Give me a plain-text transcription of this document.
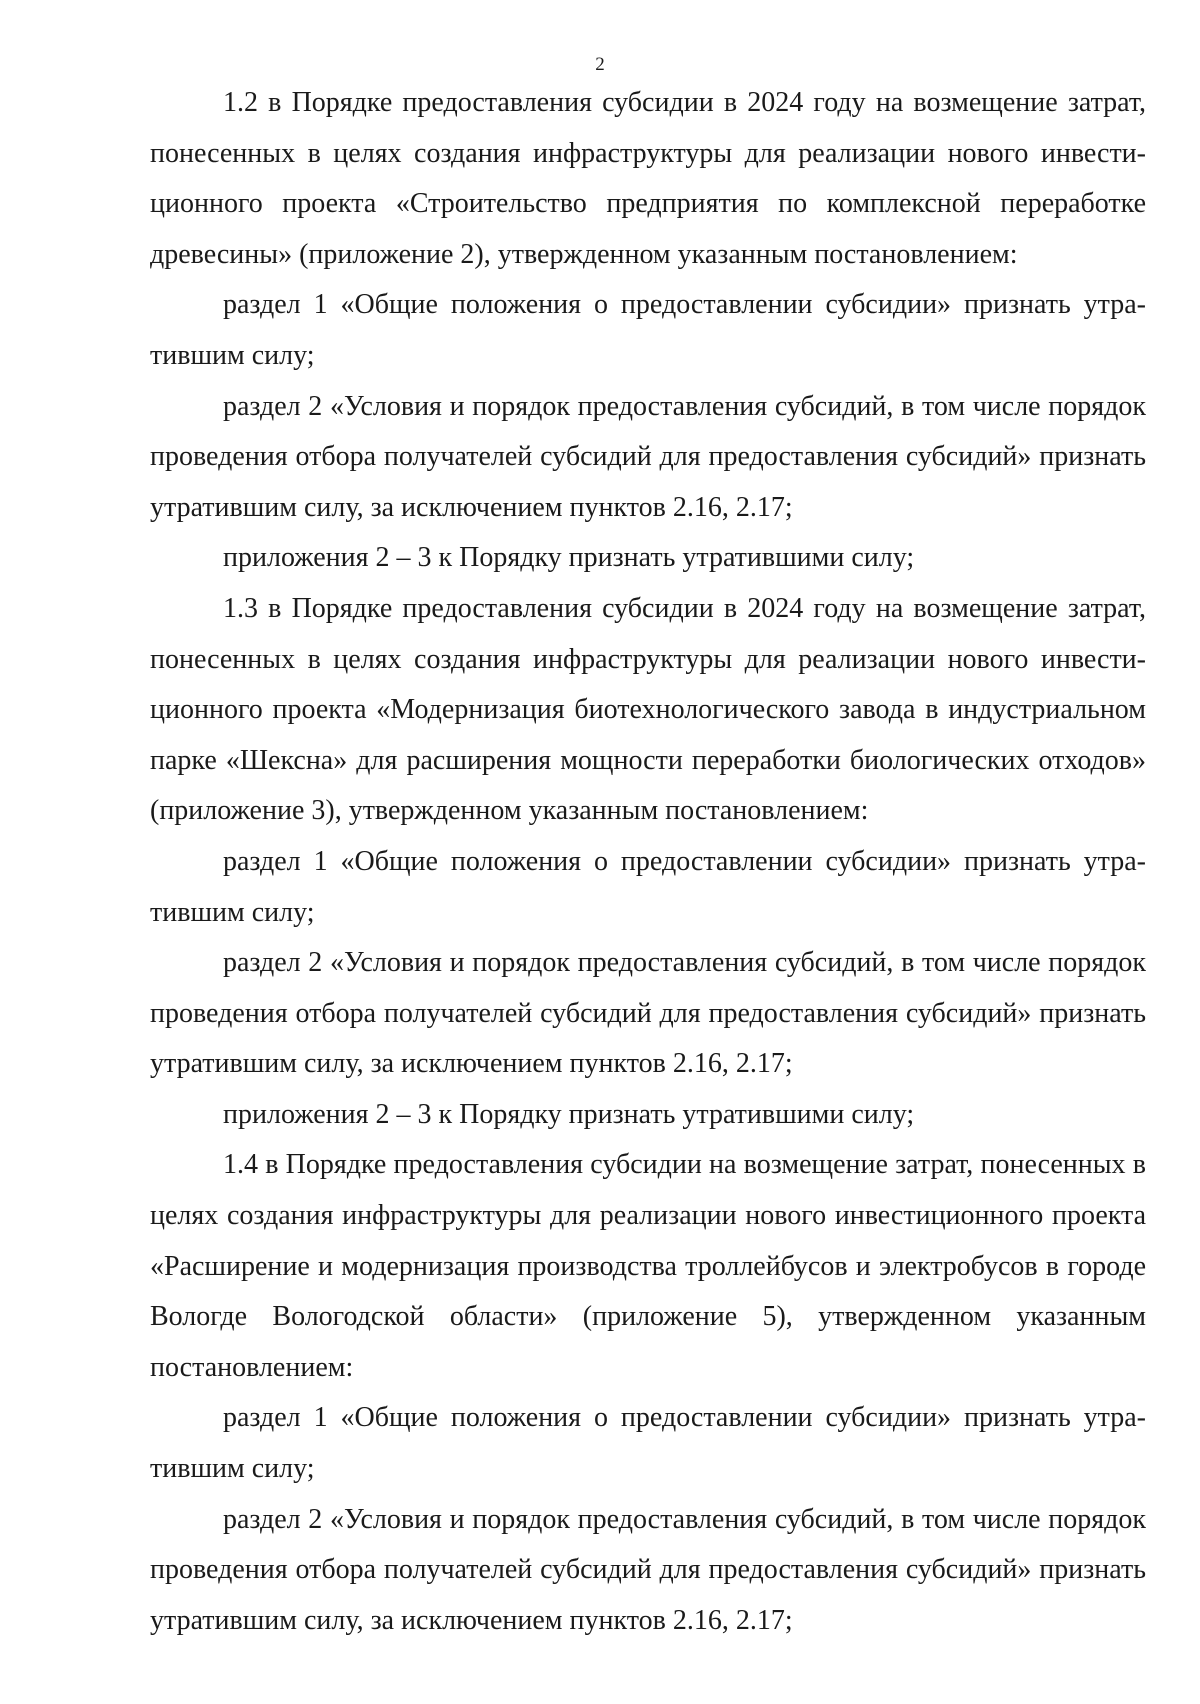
2

1.2 в Порядке предоставления субсидии в 2024 году на возмещение затрат, понесенных в целях создания инфраструктуры для реализации нового инвестиционного проекта «Строительство предприятия по комплексной переработке древесины» (приложение 2), утвержденном указанным постановлением:

раздел 1 «Общие положения о предоставлении субсидии» признать утратившим силу;

раздел 2 «Условия и порядок предоставления субсидий, в том числе порядок проведения отбора получателей субсидий для предоставления субсидий» признать утратившим силу, за исключением пунктов 2.16, 2.17;

приложения 2 – 3 к Порядку признать утратившими силу;

1.3 в Порядке предоставления субсидии в 2024 году на возмещение затрат, понесенных в целях создания инфраструктуры для реализации нового инвестиционного проекта «Модернизация биотехнологического завода в индустриальном парке «Шексна» для расширения мощности переработки биологических отходов» (приложение 3), утвержденном указанным постановлением:

раздел 1 «Общие положения о предоставлении субсидии» признать утратившим силу;

раздел 2 «Условия и порядок предоставления субсидий, в том числе порядок проведения отбора получателей субсидий для предоставления субсидий» признать утратившим силу, за исключением пунктов 2.16, 2.17;

приложения 2 – 3 к Порядку признать утратившими силу;

1.4 в Порядке предоставления субсидии на возмещение затрат, понесенных в целях создания инфраструктуры для реализации нового инвестиционного проекта «Расширение и модернизация производства троллейбусов и электробусов в городе Вологде Вологодской области» (приложение 5), утвержденном указанным постановлением:

раздел 1 «Общие положения о предоставлении субсидии» признать утратившим силу;

раздел 2 «Условия и порядок предоставления субсидий, в том числе порядок проведения отбора получателей субсидий для предоставления субсидий» признать утратившим силу, за исключением пунктов 2.16, 2.17;
